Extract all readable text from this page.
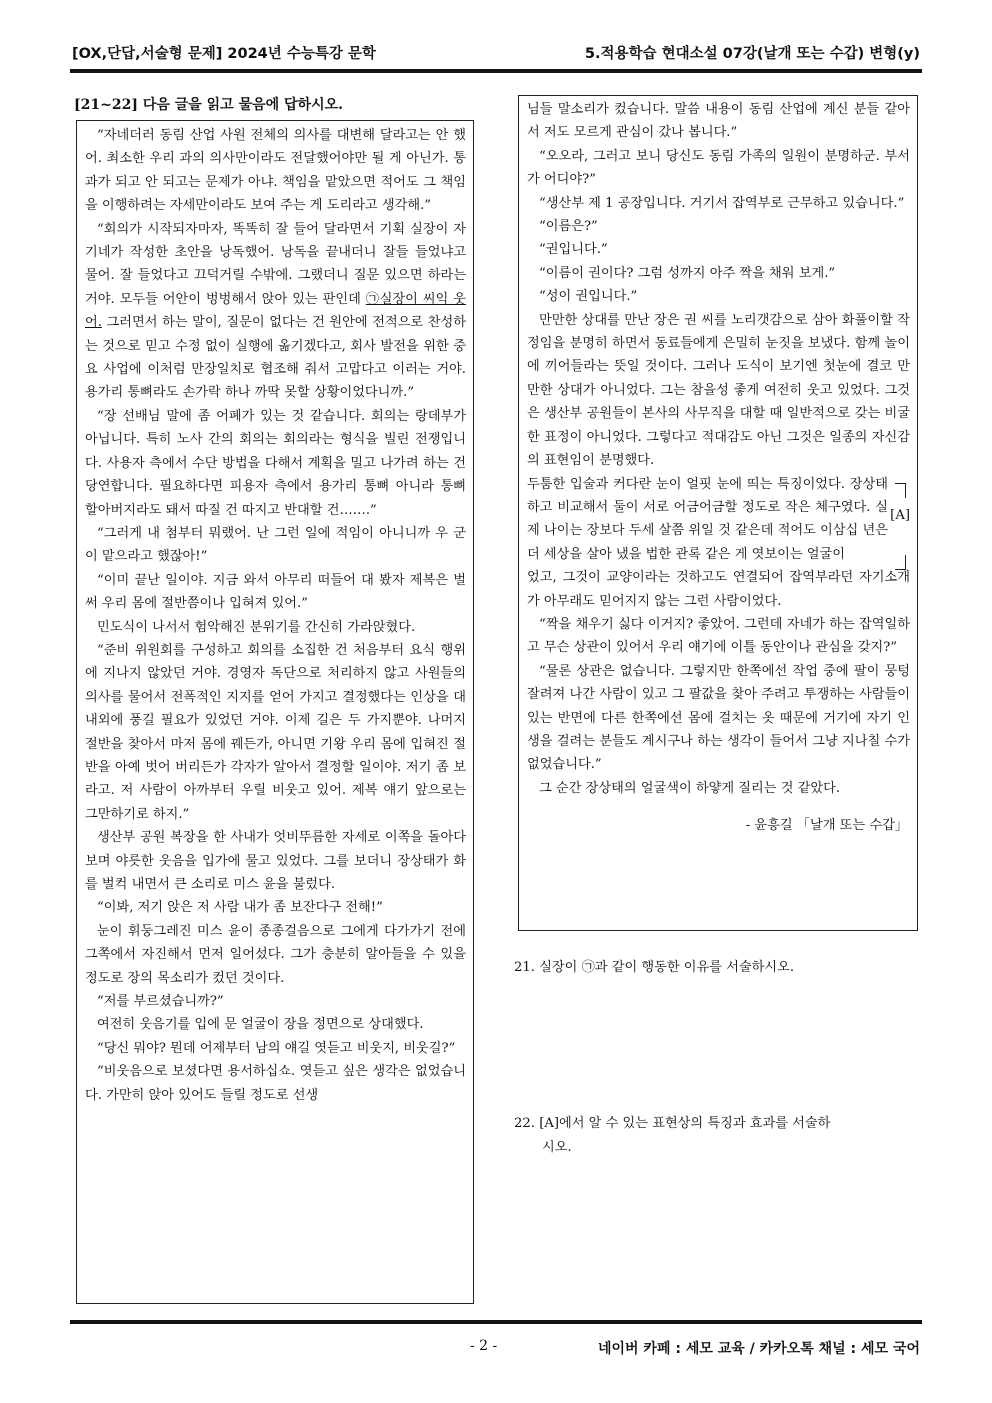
[OX,단답,서술형 문제] 2024년 수능특강 문학	5.적용학습 현대소설 07강(날개 또는 수갑) 변형(y)
[21~22] 다음 글을 읽고 물음에 답하시오.

“자네더러 동림 산업 사원 전체의 의사를 대변해 달라고는 안 했어. 최소한 우리 과의 의사만이라도 전달했어야만 될 게 아닌가. 통과가 되고 안 되고는 문제가 아냐. 책임을 맡았으면 적어도 그 책임을 이행하려는 자세만이라도 보여 주는 게 도리라고 생각해.”

“회의가 시작되자마자, 똑똑히 잘 들어 달라면서 기획 실장이 자기네가 작성한 초안을 낭독했어. 낭독을 끝내더니 잘들 들었냐고 물어. 잘 들었다고 끄덕거릴 수밖에. 그랬더니 질문 있으면 하라는 거야. 모두들 어안이 벙벙해서 앉아 있는 판인데 ㉠실장이 씨익 웃어. 그러면서 하는 말이, 질문이 없다는 건 원안에 전적으로 찬성하는 것으로 믿고 수정 없이 실행에 옮기겠다고, 회사 발전을 위한 중요 사업에 이처럼 만장일치로 협조해 줘서 고맙다고 이러는 거야. 용가리 통뼈라도 손가락 하나 까딱 못할 상황이었다니까.”

“장 선배님 말에 좀 어폐가 있는 것 같습니다. 회의는 랑데부가 아닙니다. 특히 노사 간의 회의는 회의라는 형식을 빌린 전쟁입니다. 사용자 측에서 수단 방법을 다해서 계획을 밀고 나가려 하는 건 당연합니다. 필요하다면 피용자 측에서 용가리 통뼈 아니라 통뼈 할아버지라도 돼서 따질 건 따지고 반대할 건…….”

“그러게 내 첨부터 뭐랬어. 난 그런 일에 적임이 아니니까 우 군이 맡으라고 했잖아!”

“이미 끝난 일이야. 지금 와서 아무리 떠들어 대 봤자 제복은 벌써 우리 몸에 절반쯤이나 입혀져 있어.”

민도식이 나서서 험악해진 분위기를 간신히 가라앉혔다.

“준비 위원회를 구성하고 회의를 소집한 건 처음부터 요식 행위에 지나지 않았던 거야. 경영자 독단으로 처리하지 않고 사원들의 의사를 물어서 전폭적인 지지를 얻어 가지고 결정했다는 인상을 대내외에 풍길 필요가 있었던 거야. 이제 길은 두 가지뿐야. 나머지 절반을 찾아서 마저 몸에 꿰든가, 아니면 기왕 우리 몸에 입혀진 절반을 아예 벗어 버리든가 각자가 알아서 결정할 일이야. 저기 좀 보라고. 저 사람이 아까부터 우릴 비웃고 있어. 제복 얘기 앞으로는 그만하기로 하지.”

생산부 공원 복장을 한 사내가 엇비뚜름한 자세로 이쪽을 돌아다보며 야릇한 웃음을 입가에 물고 있었다. 그를 보더니 장상태가 화를 벌컥 내면서 큰 소리로 미스 윤을 불렀다.

“이봐, 저기 앉은 저 사람 내가 좀 보잔다구 전해!”

눈이 휘둥그레진 미스 윤이 종종걸음으로 그에게 다가가기 전에 그쪽에서 자진해서 먼저 일어섰다. 그가 충분히 알아들을 수 있을 정도로 장의 목소리가 컸던 것이다.

“저를 부르셨습니까?”

여전히 웃음기를 입에 문 얼굴이 장을 정면으로 상대했다.

“당신 뭐야? 뭔데 어제부터 남의 얘길 엿듣고 비웃지, 비웃길?”

“비웃음으로 보셨다면 용서하십쇼. 엿듣고 싶은 생각은 없었습니다. 가만히 앉아 있어도 들릴 정도로 선생

님들 말소리가 컸습니다. 말씀 내용이 동림 산업에 계신 분들 같아서 저도 모르게 관심이 갔나 봅니다.”

“오오라, 그러고 보니 당신도 동림 가족의 일원이 분명하군. 부서가 어디야?”

“생산부 제 1 공장입니다. 거기서 잡역부로 근무하고 있습니다.”

“이름은?”

“권입니다.”

“이름이 권이다? 그럼 성까지 아주 짝을 채워 보게.”

“성이 권입니다.”

만만한 상대를 만난 장은 권 씨를 노리갯감으로 삼아 화풀이할 작정임을 분명히 하면서 동료들에게 은밀히 눈짓을 보냈다. 함께 놀이에 끼어들라는 뜻일 것이다. 그러나 도식이 보기엔 첫눈에 결코 만만한 상대가 아니었다. 그는 참을성 좋게 여전히 웃고 있었다. 그것은 생산부 공원들이 본사의 사무직을 대할 때 일반적으로 갖는 비굴한 표정이 아니었다. 그렇다고 적대감도 아닌 그것은 일종의 자신감의 표현임이 분명했다.

두툼한 입술과 커다란 눈이 얼핏 눈에 띄는 특징이었다. 장상태하고 비교해서 둘이 서로 어금어금할 정도로 작은 체구였다. 실제 나이는 장보다 두세 살쯤 위일 것 같은데 적어도 이삼십 년은 더 세상을 살아 냈을 법한 관록 같은 게 엿보이는 얼굴이

[A]

었고, 그것이 교양이라는 것하고도 연결되어 잡역부라던 자기소개가 아무래도 믿어지지 않는 그런 사람이었다.

“짝을 채우기 싫다 이거지? 좋았어. 그런데 자네가 하는 잡역일하고 무슨 상관이 있어서 우리 얘기에 이틀 동안이나 관심을 갖지?”

“물론 상관은 없습니다. 그렇지만 한쪽에선 작업 중에 팔이 뭉텅 잘려져 나간 사람이 있고 그 팔값을 찾아 주려고 투쟁하는 사람들이 있는 반면에 다른 한쪽에선 몸에 걸치는 옷 때문에 거기에 자기 인생을 걸려는 분들도 계시구나 하는 생각이 들어서 그냥 지나칠 수가 없었습니다.”

그 순간 장상태의 얼굴색이 하얗게 질리는 것 같았다.

- 윤흥길 「날개 또는 수갑」
21. 실장이 ㉠과 같이 행동한 이유를 서술하시오.
22. [A]에서 알 수 있는 표현상의 특징과 효과를 서술하
시오.
- 2 -	네이버 카페 : 세모 교육 / 카카오톡 채널 : 세모 국어
